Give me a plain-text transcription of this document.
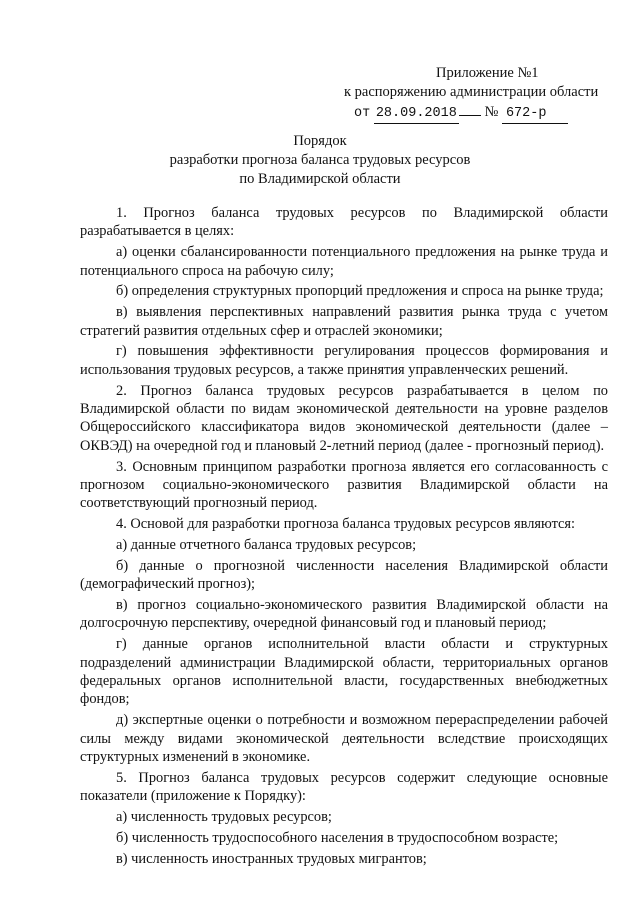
Приложение №1
к распоряжению администрации области
от 28.09.2018 № 672-р
Порядок
разработки прогноза баланса трудовых ресурсов
по Владимирской области

1. Прогноз баланса трудовых ресурсов по Владимирской области разрабатывается в целях:

а) оценки сбалансированности потенциального предложения на рынке труда и потенциального спроса на рабочую силу;

б) определения структурных пропорций предложения и спроса на рынке труда;

в) выявления перспективных направлений развития рынка труда с учетом стратегий развития отдельных сфер и отраслей экономики;

г) повышения эффективности регулирования процессов формирования и использования трудовых ресурсов, а также принятия управленческих решений.

2. Прогноз баланса трудовых ресурсов разрабатывается в целом по Владимирской области по видам экономической деятельности на уровне разделов Общероссийского классификатора видов экономической деятельности (далее – ОКВЭД) на очередной год и плановый 2-летний период (далее - прогнозный период).

3. Основным принципом разработки прогноза является его согласованность с прогнозом социально-экономического развития Владимирской области на соответствующий прогнозный период.

4. Основой для разработки прогноза баланса трудовых ресурсов являются:

а) данные отчетного баланса трудовых ресурсов;

б) данные о прогнозной численности населения Владимирской области (демографический прогноз);

в) прогноз социально-экономического развития Владимирской области на долгосрочную перспективу, очередной финансовый год и плановый период;

г) данные органов исполнительной власти области и структурных подразделений администрации Владимирской области, территориальных органов федеральных органов исполнительной власти, государственных внебюджетных фондов;

д) экспертные оценки о потребности и возможном перераспределении рабочей силы между видами экономической деятельности вследствие происходящих структурных изменений в экономике.

5. Прогноз баланса трудовых ресурсов содержит следующие основные показатели (приложение к Порядку):

а) численность трудовых ресурсов;

б) численность трудоспособного населения в трудоспособном возрасте;

в) численность иностранных трудовых мигрантов;
